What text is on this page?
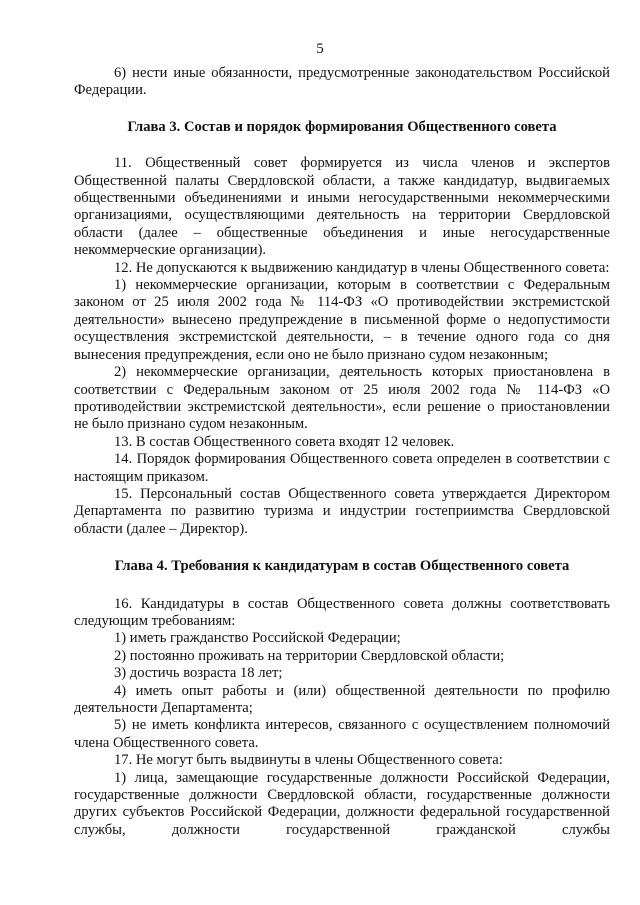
5

6) нести иные обязанности, предусмотренные законодательством Российской Федерации.

Глава 3. Состав и порядок формирования Общественного совета

11. Общественный совет формируется из числа членов и экспертов Общественной палаты Свердловской области, а также кандидатур, выдвигаемых общественными объединениями и иными негосударственными некоммерческими организациями, осуществляющими деятельность на территории Свердловской области (далее – общественные объединения и иные негосударственные некоммерческие организации).

12. Не допускаются к выдвижению кандидатур в члены Общественного совета:

1) некоммерческие организации, которым в соответствии с Федеральным законом от 25 июля 2002 года № 114-ФЗ «О противодействии экстремистской деятельности» вынесено предупреждение в письменной форме о недопустимости осуществления экстремистской деятельности, – в течение одного года со дня вынесения предупреждения, если оно не было признано судом незаконным;

2) некоммерческие организации, деятельность которых приостановлена в соответствии с Федеральным законом от 25 июля 2002 года № 114-ФЗ «О противодействии экстремистской деятельности», если решение о приостановлении не было признано судом незаконным.

13. В состав Общественного совета входят 12 человек.

14. Порядок формирования Общественного совета определен в соответствии с настоящим приказом.

15. Персональный состав Общественного совета утверждается Директором Департамента по развитию туризма и индустрии гостеприимства Свердловской области (далее – Директор).

Глава 4. Требования к кандидатурам в состав Общественного совета

16. Кандидатуры в состав Общественного совета должны соответствовать следующим требованиям:

1) иметь гражданство Российской Федерации;

2) постоянно проживать на территории Свердловской области;

3) достичь возраста 18 лет;

4) иметь опыт работы и (или) общественной деятельности по профилю деятельности Департамента;

5) не иметь конфликта интересов, связанного с осуществлением полномочий члена Общественного совета.

17. Не могут быть выдвинуты в члены Общественного совета:

1) лица, замещающие государственные должности Российской Федерации, государственные должности Свердловской области, государственные должности других субъектов Российской Федерации, должности федеральной государственной службы, должности государственной гражданской службы
